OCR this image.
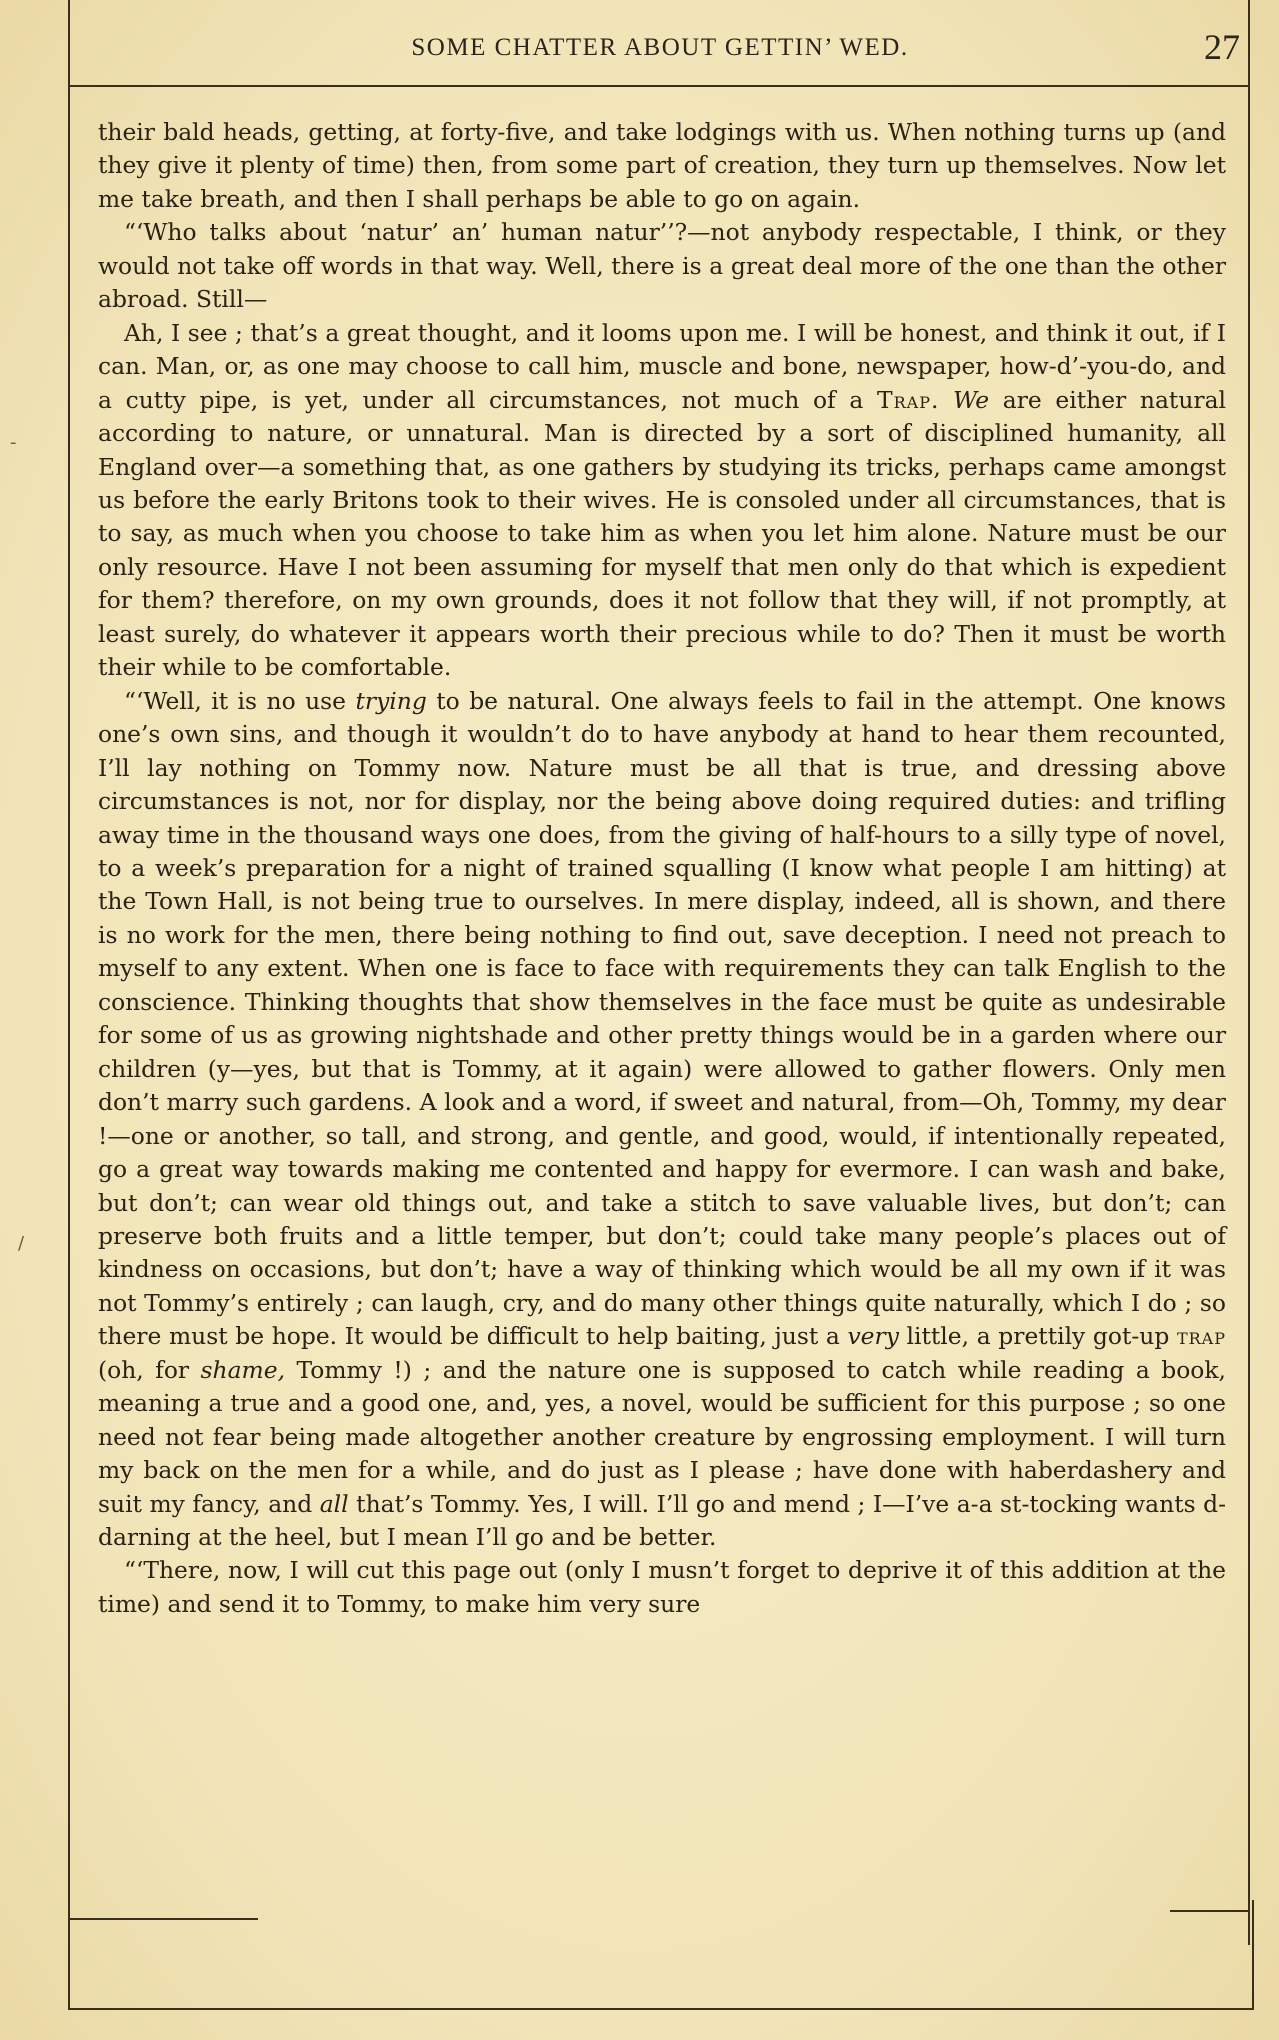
SOME CHATTER ABOUT GETTIN’ WED.	27

their bald heads, getting, at forty-five, and take lodgings with us. When nothing turns up (and they give it plenty of time) then, from some part of creation, they turn up themselves. Now let me take breath, and then I shall perhaps be able to go on again.

“‘Who talks about ‘natur’ an’ human natur’’?—not anybody respectable, I think, or they would not take off words in that way. Well, there is a great deal more of the one than the other abroad. Still—

Ah, I see ; that’s a great thought, and it looms upon me. I will be honest, and think it out, if I can. Man, or, as one may choose to call him, muscle and bone, newspaper, how-d’-you-do, and a cutty pipe, is yet, under all circumstances, not much of a Trap. We are either natural according to nature, or unnatural. Man is directed by a sort of disciplined humanity, all England over—a something that, as one gathers by studying its tricks, perhaps came amongst us before the early Britons took to their wives. He is consoled under all circumstances, that is to say, as much when you choose to take him as when you let him alone. Nature must be our only resource. Have I not been assuming for myself that men only do that which is expedient for them? therefore, on my own grounds, does it not follow that they will, if not promptly, at least surely, do whatever it appears worth their precious while to do? Then it must be worth their while to be comfortable.

“‘Well, it is no use trying to be natural. One always feels to fail in the attempt. One knows one’s own sins, and though it wouldn’t do to have anybody at hand to hear them recounted, I’ll lay nothing on Tommy now. Nature must be all that is true, and dressing above circumstances is not, nor for display, nor the being above doing required duties: and trifling away time in the thousand ways one does, from the giving of half-hours to a silly type of novel, to a week’s preparation for a night of trained squalling (I know what people I am hitting) at the Town Hall, is not being true to ourselves. In mere display, indeed, all is shown, and there is no work for the men, there being nothing to find out, save deception. I need not preach to myself to any extent. When one is face to face with requirements they can talk English to the conscience. Thinking thoughts that show themselves in the face must be quite as undesirable for some of us as growing nightshade and other pretty things would be in a garden where our children (y—yes, but that is Tommy, at it again) were allowed to gather flowers. Only men don’t marry such gardens. A look and a word, if sweet and natural, from—Oh, Tommy, my dear !—one or another, so tall, and strong, and gentle, and good, would, if intentionally repeated, go a great way towards making me contented and happy for evermore. I can wash and bake, but don’t; can wear old things out, and take a stitch to save valuable lives, but don’t; can preserve both fruits and a little temper, but don’t; could take many people’s places out of kindness on occasions, but don’t; have a way of thinking which would be all my own if it was not Tommy’s entirely ; can laugh, cry, and do many other things quite naturally, which I do ; so there must be hope. It would be difficult to help baiting, just a very little, a prettily got-up trap (oh, for shame, Tommy !) ; and the nature one is supposed to catch while reading a book, meaning a true and a good one, and, yes, a novel, would be sufficient for this purpose ; so one need not fear being made altogether another creature by engrossing employment. I will turn my back on the men for a while, and do just as I please ; have done with haberdashery and suit my fancy, and all that’s Tommy. Yes, I will. I’ll go and mend ; I—I’ve a-a st-tocking wants d-darning at the heel, but I mean I’ll go and be better.

“‘There, now, I will cut this page out (only I musn’t forget to deprive it of this addition at the time) and send it to Tommy, to make him very sure

-
/
